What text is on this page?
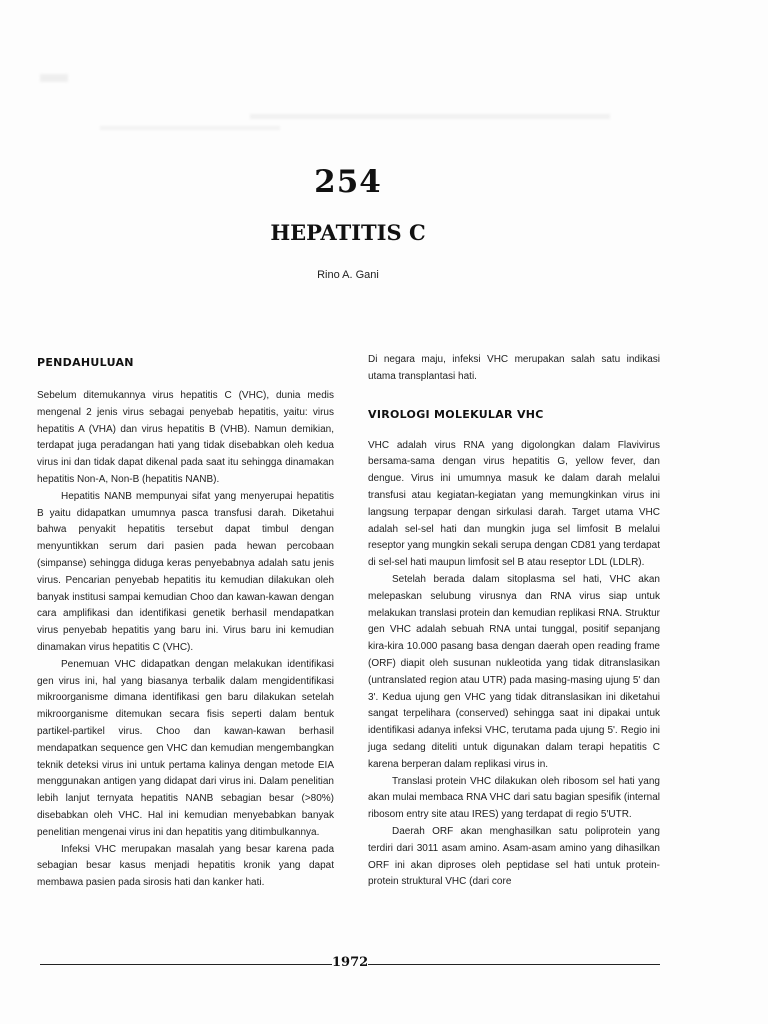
254
HEPATITIS C
Rino A. Gani
PENDAHULUAN

Sebelum ditemukannya virus hepatitis C (VHC), dunia medis mengenal 2 jenis virus sebagai penyebab hepatitis, yaitu: virus hepatitis A (VHA) dan virus hepatitis B (VHB). Namun demikian, terdapat juga peradangan hati yang tidak disebabkan oleh kedua virus ini dan tidak dapat dikenal pada saat itu sehingga dinamakan hepatitis Non-A, Non-B (hepatitis NANB).

Hepatitis NANB mempunyai sifat yang menyerupai hepatitis B yaitu didapatkan umumnya pasca transfusi darah. Diketahui bahwa penyakit hepatitis tersebut dapat timbul dengan menyuntikkan serum dari pasien pada hewan percobaan (simpanse) sehingga diduga keras penyebabnya adalah satu jenis virus. Pencarian penyebab hepatitis itu kemudian dilakukan oleh banyak institusi sampai kemudian Choo dan kawan-kawan dengan cara amplifikasi dan identifikasi genetik berhasil mendapatkan virus penyebab hepatitis yang baru ini. Virus baru ini kemudian dinamakan virus hepatitis C (VHC).

Penemuan VHC didapatkan dengan melakukan identifikasi gen virus ini, hal yang biasanya terbalik dalam mengidentifikasi mikroorganisme dimana identifikasi gen baru dilakukan setelah mikroorganisme ditemukan secara fisis seperti dalam bentuk partikel-partikel virus. Choo dan kawan-kawan berhasil mendapatkan sequence gen VHC dan kemudian mengembangkan teknik deteksi virus ini untuk pertama kalinya dengan metode EIA menggunakan antigen yang didapat dari virus ini. Dalam penelitian lebih lanjut ternyata hepatitis NANB sebagian besar (>80%) disebabkan oleh VHC. Hal ini kemudian menyebabkan banyak penelitian mengenai virus ini dan hepatitis yang ditimbulkannya.

Infeksi VHC merupakan masalah yang besar karena pada sebagian besar kasus menjadi hepatitis kronik yang dapat membawa pasien pada sirosis hati dan kanker hati.

Di negara maju, infeksi VHC merupakan salah satu indikasi utama transplantasi hati.

VIROLOGI MOLEKULAR VHC

VHC adalah virus RNA yang digolongkan dalam Flavivirus bersama-sama dengan virus hepatitis G, yellow fever, dan dengue. Virus ini umumnya masuk ke dalam darah melalui transfusi atau kegiatan-kegiatan yang memungkinkan virus ini langsung terpapar dengan sirkulasi darah. Target utama VHC adalah sel-sel hati dan mungkin juga sel limfosit B melalui reseptor yang mungkin sekali serupa dengan CD81 yang terdapat di sel-sel hati maupun limfosit sel B atau reseptor LDL (LDLR).

Setelah berada dalam sitoplasma sel hati, VHC akan melepaskan selubung virusnya dan RNA virus siap untuk melakukan translasi protein dan kemudian replikasi RNA. Struktur gen VHC adalah sebuah RNA untai tunggal, positif sepanjang kira-kira 10.000 pasang basa dengan daerah open reading frame (ORF) diapit oleh susunan nukleotida yang tidak ditranslasikan (untranslated region atau UTR) pada masing-masing ujung 5' dan 3'. Kedua ujung gen VHC yang tidak ditranslasikan ini diketahui sangat terpelihara (conserved) sehingga saat ini dipakai untuk identifikasi adanya infeksi VHC, terutama pada ujung 5'. Regio ini juga sedang diteliti untuk digunakan dalam terapi hepatitis C karena berperan dalam replikasi virus in.

Translasi protein VHC dilakukan oleh ribosom sel hati yang akan mulai membaca RNA VHC dari satu bagian spesifik (internal ribosom entry site atau IRES) yang terdapat di regio 5'UTR.

Daerah ORF akan menghasilkan satu poliprotein yang terdiri dari 3011 asam amino. Asam-asam amino yang dihasilkan ORF ini akan diproses oleh peptidase sel hati untuk protein-protein struktural VHC (dari core

1972
